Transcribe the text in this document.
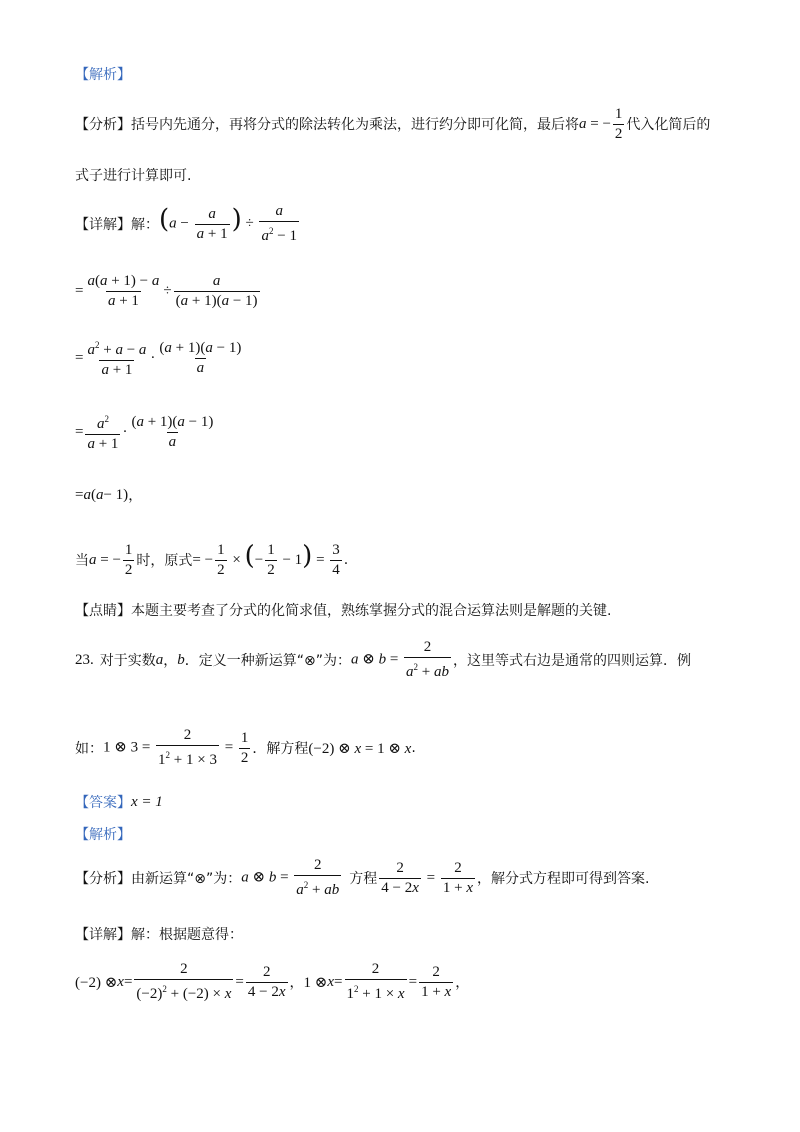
【解析】
【分析】 括号内先通分，再将分式的除法转化为乘法，进行约分即可化简，最后将 a = − $\frac{1}{2}$ 代入化简后的
式子进行计算即可.
【详解】 解： ($a - \frac{a}{a + 1}$ ) ÷ $\frac{a}{a^2 - 1}$
= $\frac{a(a + 1) - a}{a + 1} \div \frac{a}{(a + 1)(a - 1)}$
= $\frac{a^2 + a - a}{a + 1} \cdot \frac{(a + 1)(a - 1)}{a}$
= $\frac{a^2}{a + 1} \cdot \frac{(a + 1)(a - 1)}{a}$
= a ( a − 1) ，
当 a = − $\frac{1}{2}$ 时，原式 = − $\frac{1}{2}$ × (− $\frac{1}{2} - 1) = \frac{3}{4}$ .
【点睛】 本题主要考查了分式的化简求值，熟练掌握分式的混合运算法则是解题的关键.
23. 对于实数 a ， b ．定义一种新运算“⊗”为： a ⊗ $b = \frac{2}{a^2 + ab}$ ，这里等式右边是通常的四则运算．例
如： 1 ⊗ $3 = \frac{2}{1^2 + 1 \times 3} = \frac{1}{2}$ ．解方程 (−2) ⊗ x = 1 ⊗ x .
【答案】 x = 1
【解析】
【分析】 由新运算“⊗”为： a ⊗ $b = \frac{2}{a^2 + ab}$ 方程 $\frac{2}{4 - 2x} = \frac{2}{1 + x}$ ，解分式方程即可得到答案.
【详解】 解：根据题意得：
(−2) ⊗ $x = \frac{2}{(-2)^2 + (-2) \times x} = \frac{2}{4 - 2x}$ ， 1 ⊗ $x = \frac{2}{1^2 + 1 \times x} = \frac{2}{1 + x}$ ，
